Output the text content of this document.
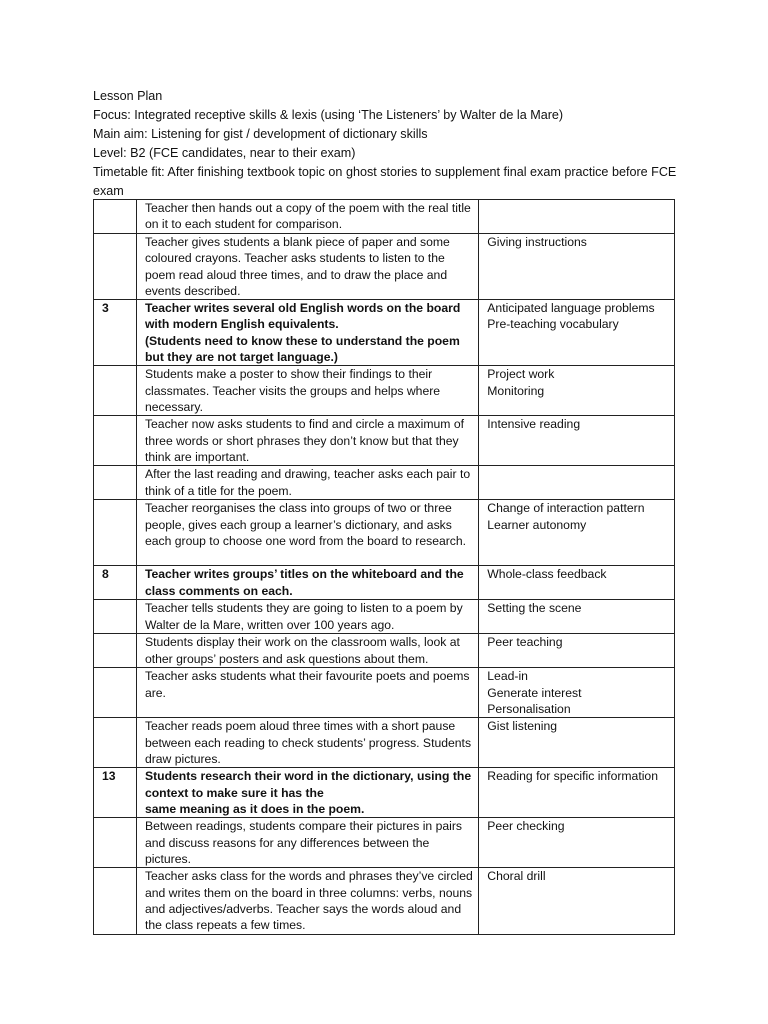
Lesson Plan
Focus: Integrated receptive skills & lexis (using ‘The Listeners’ by Walter de la Mare)
Main aim: Listening for gist / development of dictionary skills
Level: B2 (FCE candidates, near to their exam)
Timetable fit: After finishing textbook topic on ghost stories to supplement final exam practice before FCE exam
	Teacher then hands out a copy of the poem with the real title on it to each student for comparison.	
	Teacher gives students a blank piece of paper and some coloured crayons. Teacher asks students to listen to the poem read aloud three times, and to draw the place and events described.	Giving instructions
3	Teacher writes several old English words on the board with modern English equivalents.
(Students need to know these to understand the poem but they are not target language.)	Anticipated language problems
Pre-teaching vocabulary
	Students make a poster to show their findings to their classmates. Teacher visits the groups and helps where necessary.	Project work
Monitoring
	Teacher now asks students to find and circle a maximum of three words or short phrases they don’t know but that they think are important.	Intensive reading
	After the last reading and drawing, teacher asks each pair to think of a title for the poem.	
	Teacher reorganises the class into groups of two or three people, gives each group a learner’s dictionary, and asks each group to choose one word from the board to research.	Change of interaction pattern
Learner autonomy
8	Teacher writes groups’ titles on the whiteboard and the class comments on each.	Whole-class feedback
	Teacher tells students they are going to listen to a poem by Walter de la Mare, written over 100 years ago.	Setting the scene
	Students display their work on the classroom walls, look at other groups’ posters and ask questions about them.	Peer teaching
	Teacher asks students what their favourite poets and poems are.	Lead-in
Generate interest
Personalisation
	Teacher reads poem aloud three times with a short pause between each reading to check students’ progress. Students draw pictures.	Gist listening
13	Students research their word in the dictionary, using the context to make sure it has the
same meaning as it does in the poem.	Reading for specific information
	Between readings, students compare their pictures in pairs and discuss reasons for any differences between the pictures.	Peer checking
	Teacher asks class for the words and phrases they’ve circled and writes them on the board in three columns: verbs, nouns and adjectives/adverbs. Teacher says the words aloud and the class repeats a few times.	Choral drill
